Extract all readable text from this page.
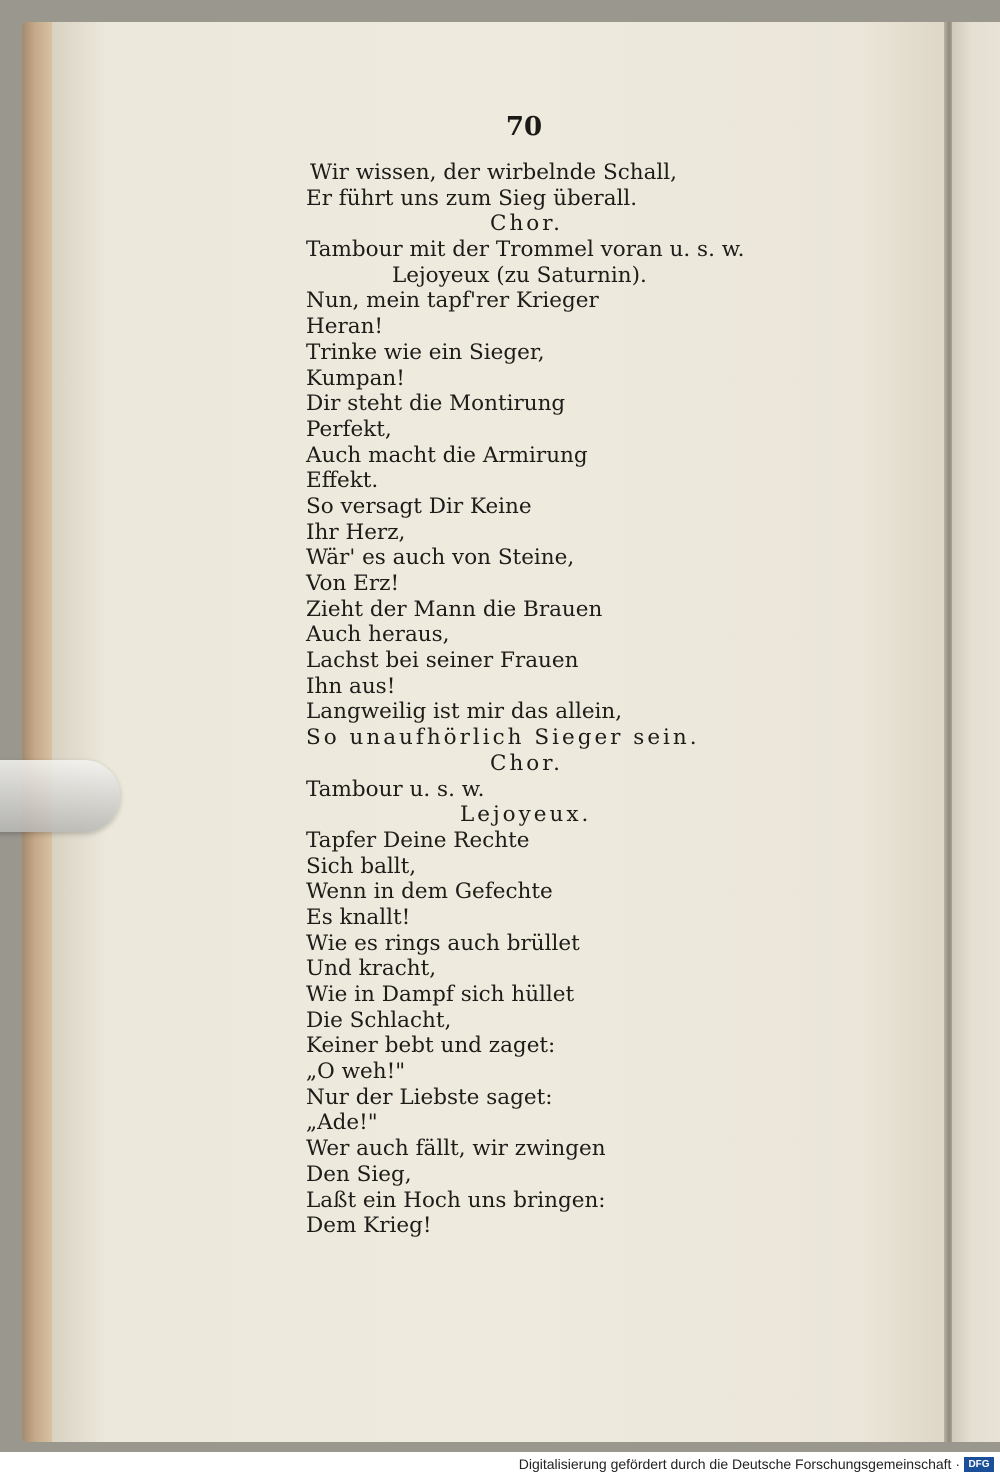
70
Wir wissen, der wirbelnde Schall,
Er führt uns zum Sieg überall.
Chor.
Tambour mit der Trommel voran u. s. w.
Lejoyeux (zu Saturnin).
Nun, mein tapf'rer Krieger
Heran!
Trinke wie ein Sieger,
Kumpan!
Dir steht die Montirung
Perfekt,
Auch macht die Armirung
Effekt.
So versagt Dir Keine
Ihr Herz,
Wär' es auch von Steine,
Von Erz!
Zieht der Mann die Brauen
Auch heraus,
Lachst bei seiner Frauen
Ihn aus!
Langweilig ist mir das allein,
So unaufhörlich Sieger sein.
Chor.
Tambour u. s. w.
Lejoyeux.
Tapfer Deine Rechte
Sich ballt,
Wenn in dem Gefechte
Es knallt!
Wie es rings auch brüllet
Und kracht,
Wie in Dampf sich hüllet
Die Schlacht,
Keiner bebt und zaget:
„O weh!"
Nur der Liebste saget:
„Ade!"
Wer auch fällt, wir zwingen
Den Sieg,
Laßt ein Hoch uns bringen:
Dem Krieg!
Digitalisierung gefördert durch die Deutsche Forschungsgemeinschaft · DFG
